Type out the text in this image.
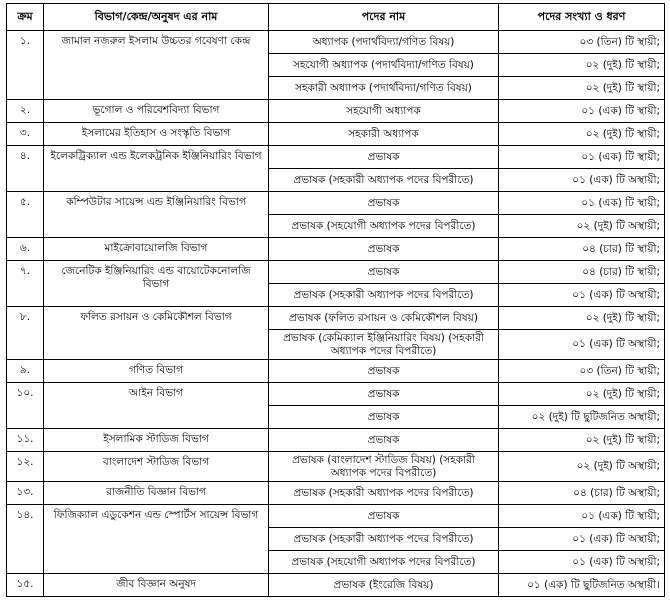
ক্রম	বিভাগ/কেন্দ্র/অনুষদ এর নাম	পদের নাম	পদের সংখ্যা ও ধরণ
১.	জামাল নজরুল ইসলাম উচ্চতর গবেষণা কেন্দ্র	অধ্যাপক (পদার্থবিদ্যা/গণিত বিষয়)	০৩ (তিন) টি স্থায়ী;
		সহযোগী অধ্যাপক (পদার্থবিদ্যা/গণিত বিষয়)	০২ (দুই) টি স্থায়ী;
		সহকারী অধ্যাপক (পদার্থবিদ্যা/গণিত বিষয়)	০২ (দুই) টি স্থায়ী;
২.	ভূগোল ও পরিবেশবিদ্যা বিভাগ	সহযোগী অধ্যাপক	০১ (এক) টি স্থায়ী;
৩.	ইসলামের ইতিহাস ও সংস্কৃতি বিভাগ	সহকারী অধ্যাপক	০২ (দুই) টি স্থায়ী;
৪.	ইলেকট্রিক্যাল এন্ড ইলেকট্রনিক ইঞ্জিনিয়ারিং বিভাগ	প্রভাষক	০১ (এক) টি স্থায়ী;
		প্রভাষক (সহকারী অধ্যাপক পদের বিপরীতে)	০১ (এক) টি অস্থায়ী;
৫.	কম্পিউটার সায়েন্স এন্ড ইঞ্জিনিয়ারিং বিভাগ	প্রভাষক	০১ (এক) টি স্থায়ী;
		প্রভাষক (সহযোগী অধ্যাপক পদের বিপরীতে)	০২ (দুই) টি অস্থায়ী;
৬.	মাইক্রোবায়োলজি বিভাগ	প্রভাষক	০৪ (চার) টি স্থায়ী;
৭.	জেনেটিক ইঞ্জিনিয়ারিং এন্ড বায়োটেকনোলজি বিভাগ	প্রভাষক	০৪ (চার) টি স্থায়ী;
		প্রভাষক (সহকারী অধ্যাপক পদের বিপরীতে)	০১ (এক) টি অস্থায়ী;
৮.	ফলিত রসায়ন ও কেমিকৌশল বিভাগ	প্রভাষক (ফলিত রসায়ন ও কেমিকৌশল বিষয়)	০২ (দুই) টি স্থায়ী;
		প্রভাষক (কেমিক্যাল ইঞ্জিনিয়ারিং বিষয়) (সহকারী অধ্যাপক পদের বিপরীতে)	০১ (এক) টি অস্থায়ী;
৯.	গণিত বিভাগ	প্রভাষক	০৩ (তিন) টি স্থায়ী;
১০.	আইন বিভাগ	প্রভাষক	০২ (দুই) টি স্থায়ী;
		প্রভাষক	০২ (দুই) টি ছুটিজনিত অস্থায়ী;
১১.	ইসলামিক স্টাডিজ বিভাগ	প্রভাষক	০২ (দুই) টি স্থায়ী;
১২.	বাংলাদেশ স্টাডিজ বিভাগ	প্রভাষক (বাংলাদেশ স্টাডিজ বিষয়) (সহকারী অধ্যাপক পদের বিপরীতে)	০২ (দুই) টি অস্থায়ী;
১৩.	রাজনীতি বিজ্ঞান বিভাগ	প্রভাষক (সহকারী অধ্যাপক পদের বিপরীতে)	০৪ (চার) টি অস্থায়ী;
১৪.	ফিজিক্যাল এডুকেশন এন্ড স্পোর্টস সায়েন্স বিভাগ	প্রভাষক	০১ (এক) টি স্থায়ী;
		প্রভাষক (সহকারী অধ্যাপক পদের বিপরীতে)	০১ (এক) টি অস্থায়ী;
		প্রভাষক (সহযোগী অধ্যাপক পদের বিপরীতে)	০১ (এক) টি অস্থায়ী;
১৫.	জীব বিজ্ঞান অনুষদ	প্রভাষক (ইংরেজি বিষয়)	০১ (এক) টি ছুটিজনিত অস্থায়ী।
